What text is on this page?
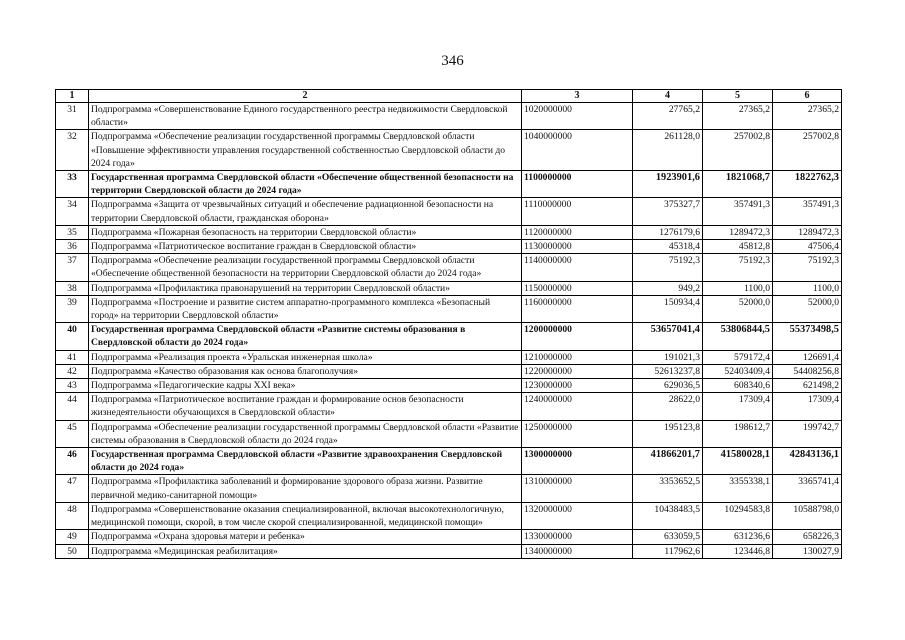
346
1	2	3	4	5	6
31	Подпрограмма «Совершенствование Единого государственного реестра недвижимости Свердловской области»	1020000000	27765,2	27365,2	27365,2
32	Подпрограмма «Обеспечение реализации государственной программы Свердловской области «Повышение эффективности управления государственной собственностью Свердловской области до 2024 года»	1040000000	261128,0	257002,8	257002,8
33	Государственная программа Свердловской области «Обеспечение общественной безопасности на территории Свердловской области до 2024 года»	1100000000	1923901,6	1821068,7	1822762,3
34	Подпрограмма «Защита от чрезвычайных ситуаций и обеспечение радиационной безопасности на территории Свердловской области, гражданская оборона»	1110000000	375327,7	357491,3	357491,3
35	Подпрограмма «Пожарная безопасность на территории Свердловской области»	1120000000	1276179,6	1289472,3	1289472,3
36	Подпрограмма «Патриотическое воспитание граждан в Свердловской области»	1130000000	45318,4	45812,8	47506,4
37	Подпрограмма «Обеспечение реализации государственной программы Свердловской области «Обеспечение общественной безопасности на территории Свердловской области до 2024 года»	1140000000	75192,3	75192,3	75192,3
38	Подпрограмма «Профилактика правонарушений на территории Свердловской области»	1150000000	949,2	1100,0	1100,0
39	Подпрограмма «Построение и развитие систем аппаратно-программного комплекса «Безопасный город» на территории Свердловской области»	1160000000	150934,4	52000,0	52000,0
40	Государственная программа Свердловской области «Развитие системы образования в Свердловской области до 2024 года»	1200000000	53657041,4	53806844,5	55373498,5
41	Подпрограмма «Реализация проекта «Уральская инженерная школа»	1210000000	191021,3	579172,4	126691,4
42	Подпрограмма «Качество образования как основа благополучия»	1220000000	52613237,8	52403409,4	54408256,8
43	Подпрограмма «Педагогические кадры XXI века»	1230000000	629036,5	608340,6	621498,2
44	Подпрограмма «Патриотическое воспитание граждан и формирование основ безопасности жизнедеятельности обучающихся в Свердловской области»	1240000000	28622,0	17309,4	17309,4
45	Подпрограмма «Обеспечение реализации государственной программы Свердловской области «Развитие системы образования в Свердловской области до 2024 года»	1250000000	195123,8	198612,7	199742,7
46	Государственная программа Свердловской области «Развитие здравоохранения Свердловской области до 2024 года»	1300000000	41866201,7	41580028,1	42843136,1
47	Подпрограмма «Профилактика заболеваний и формирование здорового образа жизни. Развитие первичной медико-санитарной помощи»	1310000000	3353652,5	3355338,1	3365741,4
48	Подпрограмма «Совершенствование оказания специализированной, включая высокотехнологичную, медицинской помощи, скорой, в том числе скорой специализированной, медицинской помощи»	1320000000	10438483,5	10294583,8	10588798,0
49	Подпрограмма «Охрана здоровья матери и ребенка»	1330000000	633059,5	631236,6	658226,3
50	Подпрограмма «Медицинская реабилитация»	1340000000	117962,6	123446,8	130027,9
